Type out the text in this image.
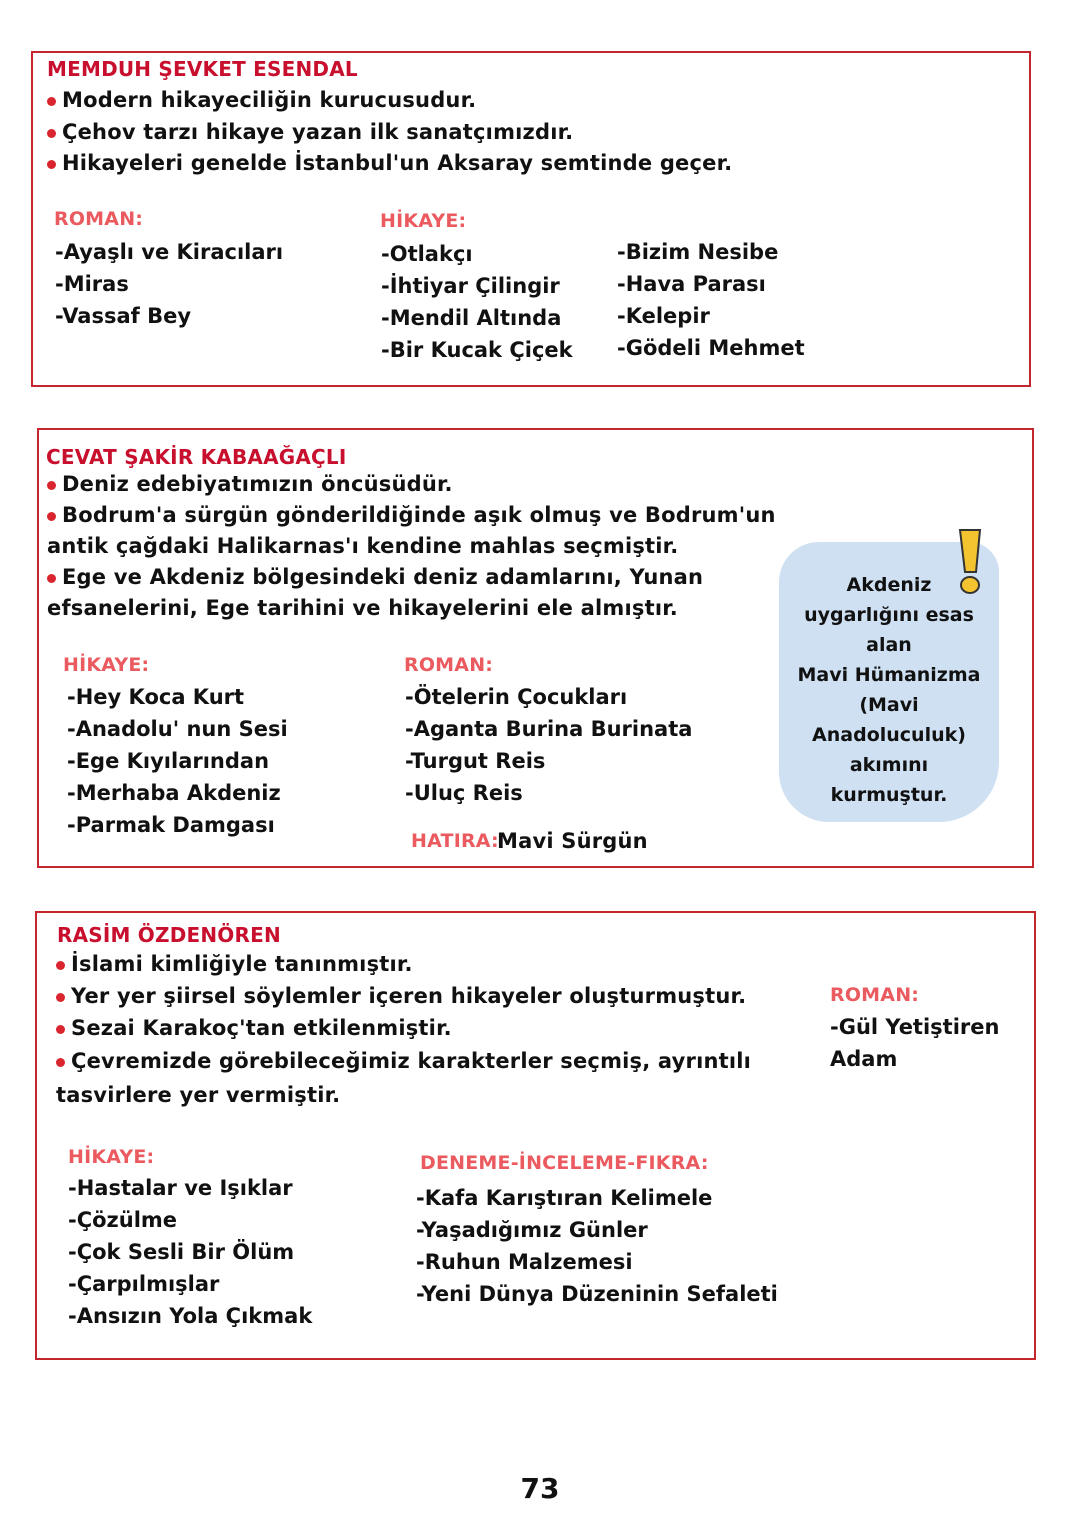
MEMDUH ŞEVKET ESENDAL
Modern hikayeciliğin kurucusudur.
Çehov tarzı hikaye yazan ilk sanatçımızdır.
Hikayeleri genelde İstanbul'un Aksaray semtinde geçer.
ROMAN:
-Ayaşlı ve Kiracıları
-Miras
-Vassaf Bey
HİKAYE:
-Otlakçı
-İhtiyar Çilingir
-Mendil Altında
-Bir Kucak Çiçek
-Bizim Nesibe
-Hava Parası
-Kelepir
-Gödeli Mehmet
CEVAT ŞAKİR KABAAĞAÇLI
Deniz edebiyatımızın öncüsüdür.
Bodrum'a sürgün gönderildiğinde aşık olmuş ve Bodrum'un
antik çağdaki Halikarnas'ı kendine mahlas seçmiştir.
Ege ve Akdeniz bölgesindeki deniz adamlarını, Yunan
efsanelerini, Ege tarihini ve hikayelerini ele almıştır.
HİKAYE:
-Hey Koca Kurt
-Anadolu' nun Sesi
-Ege Kıyılarından
-Merhaba Akdeniz
-Parmak Damgası
ROMAN:
-Ötelerin Çocukları
-Aganta Burina Burinata
-Turgut Reis
-Uluç Reis
HATIRA:
Mavi Sürgün
Akdeniz
uygarlığını esas
alan
Mavi Hümanizma
(Mavi
Anadoluculuk)
akımını
kurmuştur.
RASİM ÖZDENÖREN
İslami kimliğiyle tanınmıştır.
Yer yer şiirsel söylemler içeren hikayeler oluşturmuştur.
Sezai Karakoç'tan etkilenmiştir.
Çevremizde görebileceğimiz karakterler seçmiş, ayrıntılı
tasvirlere yer vermiştir.
ROMAN:
-Gül Yetiştiren
Adam
HİKAYE:
-Hastalar ve Işıklar
-Çözülme
-Çok Sesli Bir Ölüm
-Çarpılmışlar
-Ansızın Yola Çıkmak
DENEME-İNCELEME-FIKRA:
-Kafa Karıştıran Kelimele
-Yaşadığımız Günler
-Ruhun Malzemesi
-Yeni Dünya Düzeninin Sefaleti
73
